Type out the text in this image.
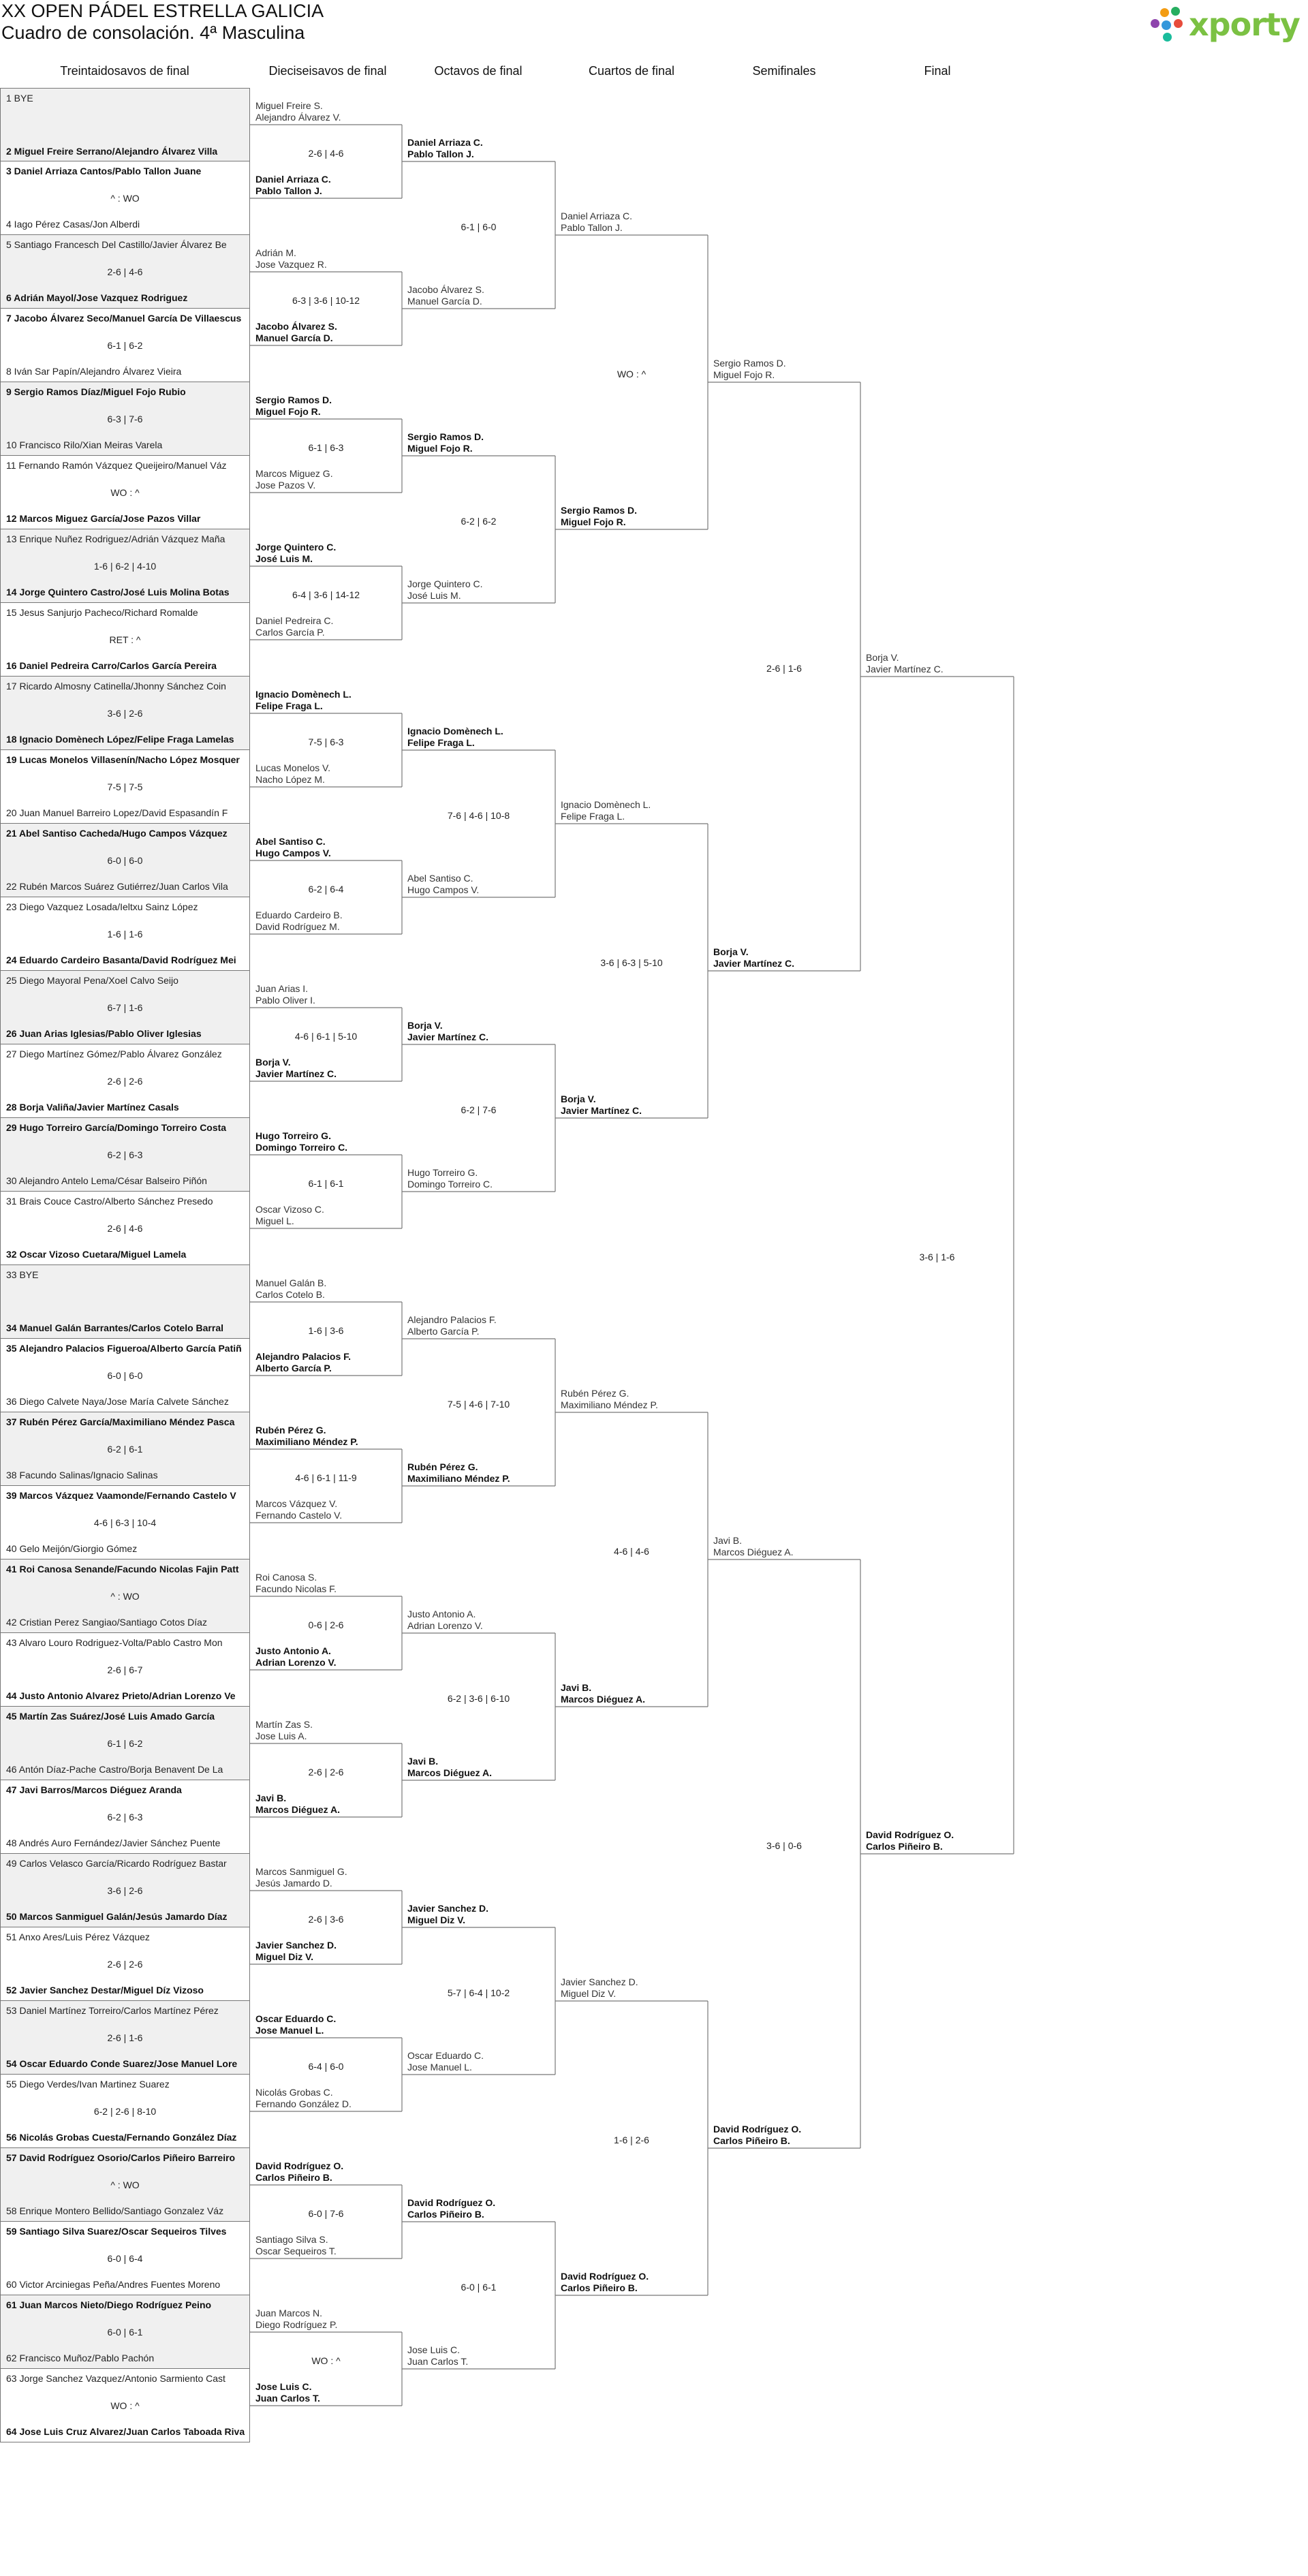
XX OPEN PÁDEL ESTRELLA GALICIA
Cuadro de consolación. 4ª Masculina	xporty
Treintaidosavos de final	Dieciseisavos de final	Octavos de final	Cuartos de final	Semifinales	Final
1 BYE
2 Miguel Freire Serrano/Alejandro Álvarez Villa
3 Daniel Arriaza Cantos/Pablo Tallon Juane
^ : WO
4 Iago Pérez Casas/Jon Alberdi
5 Santiago Francesch Del Castillo/Javier Álvarez Be
2-6 | 4-6
6 Adrián Mayol/Jose Vazquez Rodriguez
7 Jacobo Álvarez Seco/Manuel García De Villaescus
6-1 | 6-2
8 Iván Sar Papín/Alejandro Álvarez Vieira
9 Sergio Ramos Díaz/Miguel Fojo Rubio
6-3 | 7-6
10 Francisco Rilo/Xian Meiras Varela
11 Fernando Ramón Vázquez Queijeiro/Manuel Váz
WO : ^
12 Marcos Miguez García/Jose Pazos Villar
13 Enrique Nuñez Rodriguez/Adrián Vázquez Maña
1-6 | 6-2 | 4-10
14 Jorge Quintero Castro/José Luis Molina Botas
15 Jesus Sanjurjo Pacheco/Richard Romalde
RET : ^
16 Daniel Pedreira Carro/Carlos García Pereira
17 Ricardo Almosny Catinella/Jhonny Sánchez Coin
3-6 | 2-6
18 Ignacio Domènech López/Felipe Fraga Lamelas
19 Lucas Monelos Villasenín/Nacho López Mosquer
7-5 | 7-5
20 Juan Manuel Barreiro Lopez/David Espasandín F
21 Abel Santiso Cacheda/Hugo Campos Vázquez
6-0 | 6-0
22 Rubén Marcos Suárez Gutiérrez/Juan Carlos Vila
23 Diego Vazquez Losada/Ieltxu Sainz López
1-6 | 1-6
24 Eduardo Cardeiro Basanta/David Rodríguez Mei
25 Diego Mayoral Pena/Xoel Calvo Seijo
6-7 | 1-6
26 Juan Arias Iglesias/Pablo Oliver Iglesias
27 Diego Martínez Gómez/Pablo Álvarez González
2-6 | 2-6
28 Borja Valiña/Javier Martínez Casals
29 Hugo Torreiro García/Domingo Torreiro Costa
6-2 | 6-3
30 Alejandro Antelo Lema/César Balseiro Piñón
31 Brais Couce Castro/Alberto Sánchez Presedo
2-6 | 4-6
32 Oscar Vizoso Cuetara/Miguel Lamela
33 BYE
34 Manuel Galán Barrantes/Carlos Cotelo Barral
35 Alejandro Palacios Figueroa/Alberto García Patiñ
6-0 | 6-0
36 Diego Calvete Naya/Jose María Calvete Sánchez
37 Rubén Pérez García/Maximiliano Méndez Pasca
6-2 | 6-1
38 Facundo Salinas/Ignacio Salinas
39 Marcos Vázquez Vaamonde/Fernando Castelo V
4-6 | 6-3 | 10-4
40 Gelo Meijón/Giorgio Gómez
41 Roi Canosa Senande/Facundo Nicolas Fajin Patt
^ : WO
42 Cristian Perez Sangiao/Santiago Cotos Díaz
43 Alvaro Louro Rodriguez-Volta/Pablo Castro Mon
2-6 | 6-7
44 Justo Antonio Alvarez Prieto/Adrian Lorenzo Ve
45 Martín Zas Suárez/José Luis Amado García
6-1 | 6-2
46 Antón Díaz-Pache Castro/Borja Benavent De La
47 Javi Barros/Marcos Diéguez Aranda
6-2 | 6-3
48 Andrés Auro Fernández/Javier Sánchez Puente
49 Carlos Velasco García/Ricardo Rodríguez Bastar
3-6 | 2-6
50 Marcos Sanmiguel Galán/Jesús Jamardo Díaz
51 Anxo Ares/Luis Pérez Vázquez
2-6 | 2-6
52 Javier Sanchez Destar/Miguel Díz Vizoso
53 Daniel Martínez Torreiro/Carlos Martínez Pérez
2-6 | 1-6
54 Oscar Eduardo Conde Suarez/Jose Manuel Lore
55 Diego Verdes/Ivan Martinez Suarez
6-2 | 2-6 | 8-10
56 Nicolás Grobas Cuesta/Fernando González Díaz
57 David Rodríguez Osorio/Carlos Piñeiro Barreiro
^ : WO
58 Enrique Montero Bellido/Santiago Gonzalez Váz
59 Santiago Silva Suarez/Oscar Sequeiros Tilves
6-0 | 6-4
60 Victor Arciniegas Peña/Andres Fuentes Moreno
61 Juan Marcos Nieto/Diego Rodríguez Peino
6-0 | 6-1
62 Francisco Muñoz/Pablo Pachón
63 Jorge Sanchez Vazquez/Antonio Sarmiento Cast
WO : ^
64 Jose Luis Cruz Alvarez/Juan Carlos Taboada Riva
Miguel Freire S.
Alejandro Álvarez V.
Daniel Arriaza C.
Pablo Tallon J.
2-6 | 4-6
Adrián M.
Jose Vazquez R.
Jacobo Álvarez S.
Manuel García D.
6-3 | 3-6 | 10-12
Sergio Ramos D.
Miguel Fojo R.
Marcos Miguez G.
Jose Pazos V.
6-1 | 6-3
Jorge Quintero C.
José Luis M.
Daniel Pedreira C.
Carlos García P.
6-4 | 3-6 | 14-12
Ignacio Domènech L.
Felipe Fraga L.
Lucas Monelos V.
Nacho López M.
7-5 | 6-3
Abel Santiso C.
Hugo Campos V.
Eduardo Cardeiro B.
David Rodríguez M.
6-2 | 6-4
Juan Arias I.
Pablo Oliver I.
Borja V.
Javier Martínez C.
4-6 | 6-1 | 5-10
Hugo Torreiro G.
Domingo Torreiro C.
Oscar Vizoso C.
Miguel L.
6-1 | 6-1
Manuel Galán B.
Carlos Cotelo B.
Alejandro Palacios F.
Alberto García P.
1-6 | 3-6
Rubén Pérez G.
Maximiliano Méndez P.
Marcos Vázquez V.
Fernando Castelo V.
4-6 | 6-1 | 11-9
Roi Canosa S.
Facundo Nicolas F.
Justo Antonio A.
Adrian Lorenzo V.
0-6 | 2-6
Martín Zas S.
Jose Luis A.
Javi B.
Marcos Diéguez A.
2-6 | 2-6
Marcos Sanmiguel G.
Jesús Jamardo D.
Javier Sanchez D.
Miguel Diz V.
2-6 | 3-6
Oscar Eduardo C.
Jose Manuel L.
Nicolás Grobas C.
Fernando González D.
6-4 | 6-0
David Rodríguez O.
Carlos Piñeiro B.
Santiago Silva S.
Oscar Sequeiros T.
6-0 | 7-6
Juan Marcos N.
Diego Rodríguez P.
Jose Luis C.
Juan Carlos T.
WO : ^
Daniel Arriaza C.
Pablo Tallon J.
Jacobo Álvarez S.
Manuel García D.
6-1 | 6-0
Sergio Ramos D.
Miguel Fojo R.
Jorge Quintero C.
José Luis M.
6-2 | 6-2
Ignacio Domènech L.
Felipe Fraga L.
Abel Santiso C.
Hugo Campos V.
7-6 | 4-6 | 10-8
Borja V.
Javier Martínez C.
Hugo Torreiro G.
Domingo Torreiro C.
6-2 | 7-6
Alejandro Palacios F.
Alberto García P.
Rubén Pérez G.
Maximiliano Méndez P.
7-5 | 4-6 | 7-10
Justo Antonio A.
Adrian Lorenzo V.
Javi B.
Marcos Diéguez A.
6-2 | 3-6 | 6-10
Javier Sanchez D.
Miguel Diz V.
Oscar Eduardo C.
Jose Manuel L.
5-7 | 6-4 | 10-2
David Rodríguez O.
Carlos Piñeiro B.
Jose Luis C.
Juan Carlos T.
6-0 | 6-1
Daniel Arriaza C.
Pablo Tallon J.
Sergio Ramos D.
Miguel Fojo R.
WO : ^
Ignacio Domènech L.
Felipe Fraga L.
Borja V.
Javier Martínez C.
3-6 | 6-3 | 5-10
Rubén Pérez G.
Maximiliano Méndez P.
Javi B.
Marcos Diéguez A.
4-6 | 4-6
Javier Sanchez D.
Miguel Diz V.
David Rodríguez O.
Carlos Piñeiro B.
1-6 | 2-6
Sergio Ramos D.
Miguel Fojo R.
Borja V.
Javier Martínez C.
2-6 | 1-6
Javi B.
Marcos Diéguez A.
David Rodríguez O.
Carlos Piñeiro B.
3-6 | 0-6
Borja V.
Javier Martínez C.
David Rodríguez O.
Carlos Piñeiro B.
3-6 | 1-6
